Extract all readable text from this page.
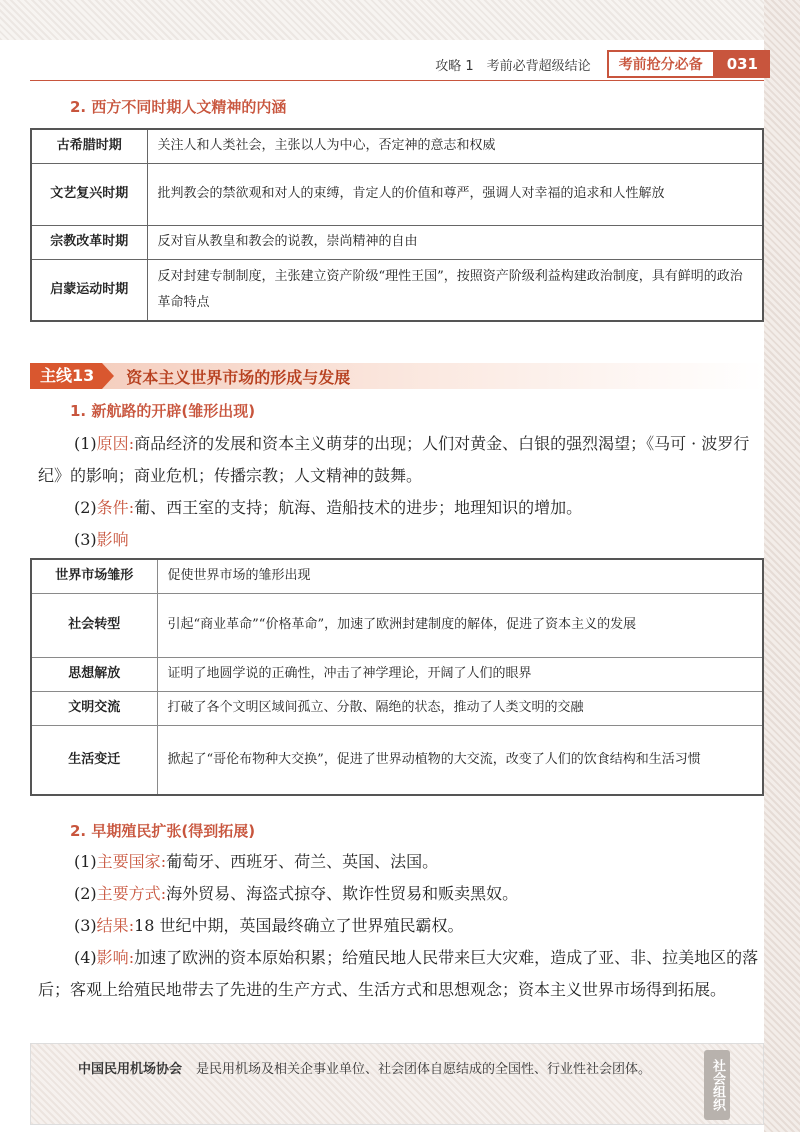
攻略 1　考前必背超级结论	考前抢分必备	031
2. 西方不同时期人文精神的内涵
古希腊时期	关注人和人类社会，主张以人为中心，否定神的意志和权威
文艺复兴时期	批判教会的禁欲观和对人的束缚，肯定人的价值和尊严，强调人对幸福的追求和人性解放
宗教改革时期	反对盲从教皇和教会的说教，崇尚精神的自由
启蒙运动时期	反对封建专制制度，主张建立资产阶级“理性王国”，按照资产阶级利益构建政治制度，具有鲜明的政治革命特点
主线13	资本主义世界市场的形成与发展
1. 新航路的开辟(雏形出现)
(1)原因:商品经济的发展和资本主义萌芽的出现；人们对黄金、白银的强烈渴望；《马可 · 波罗行纪》的影响；商业危机；传播宗教；人文精神的鼓舞。
(2)条件:葡、西王室的支持；航海、造船技术的进步；地理知识的增加。
(3)影响
世界市场雏形	促使世界市场的雏形出现
社会转型	引起“商业革命”“价格革命”，加速了欧洲封建制度的解体，促进了资本主义的发展
思想解放	证明了地圆学说的正确性，冲击了神学理论，开阔了人们的眼界
文明交流	打破了各个文明区域间孤立、分散、隔绝的状态，推动了人类文明的交融
生活变迁	掀起了“哥伦布物种大交换”，促进了世界动植物的大交流，改变了人们的饮食结构和生活习惯
2. 早期殖民扩张(得到拓展)
(1)主要国家:葡萄牙、西班牙、荷兰、英国、法国。
(2)主要方式:海外贸易、海盗式掠夺、欺诈性贸易和贩卖黑奴。
(3)结果:18 世纪中期，英国最终确立了世界殖民霸权。
(4)影响:加速了欧洲的资本原始积累；给殖民地人民带来巨大灾难，造成了亚、非、拉美地区的落后；客观上给殖民地带去了先进的生产方式、生活方式和思想观念；资本主义世界市场得到拓展。
中国民用机场协会 是民用机场及相关企事业单位、社会团体自愿结成的全国性、行业性社会团体。	社会组织
